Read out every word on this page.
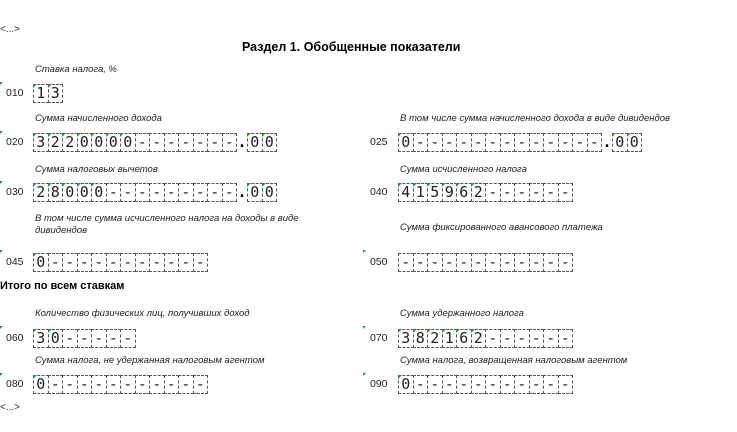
<...>
Раздел 1. Обобщенные показатели
Ставка налога, %
010 1 3
Сумма начисленного дохода	В том числе сумма начисленного дохода в виде дивидендов
020 3 2 2 0 0 0 0 - - - - - - - . 0 0	025 0 - - - - - - - - - - - - - . 0 0
Сумма налоговых вычетов	Сумма исчисленного налога
030 2 8 0 0 0 - - - - - - - - - . 0 0	040 4 1 5 9 6 2 - - - - - -
В том числе сумма исчисленного налога на доходы в виде дивидендов	Сумма фиксированного авансового платежа
045 0 - - - - - - - - - - -	050 - - - - - - - - - - - -
Итого по всем ставкам
Количество физических лиц, получивших доход	Сумма удержанного налога
060 3 0 - - - - -	070 3 8 2 1 6 2 - - - - - -
Сумма налога, не удержанная налоговым агентом	Сумма налога, возвращенная налоговым агентом
080 0 - - - - - - - - - - -	090 0 - - - - - - - - - - -
<...>
